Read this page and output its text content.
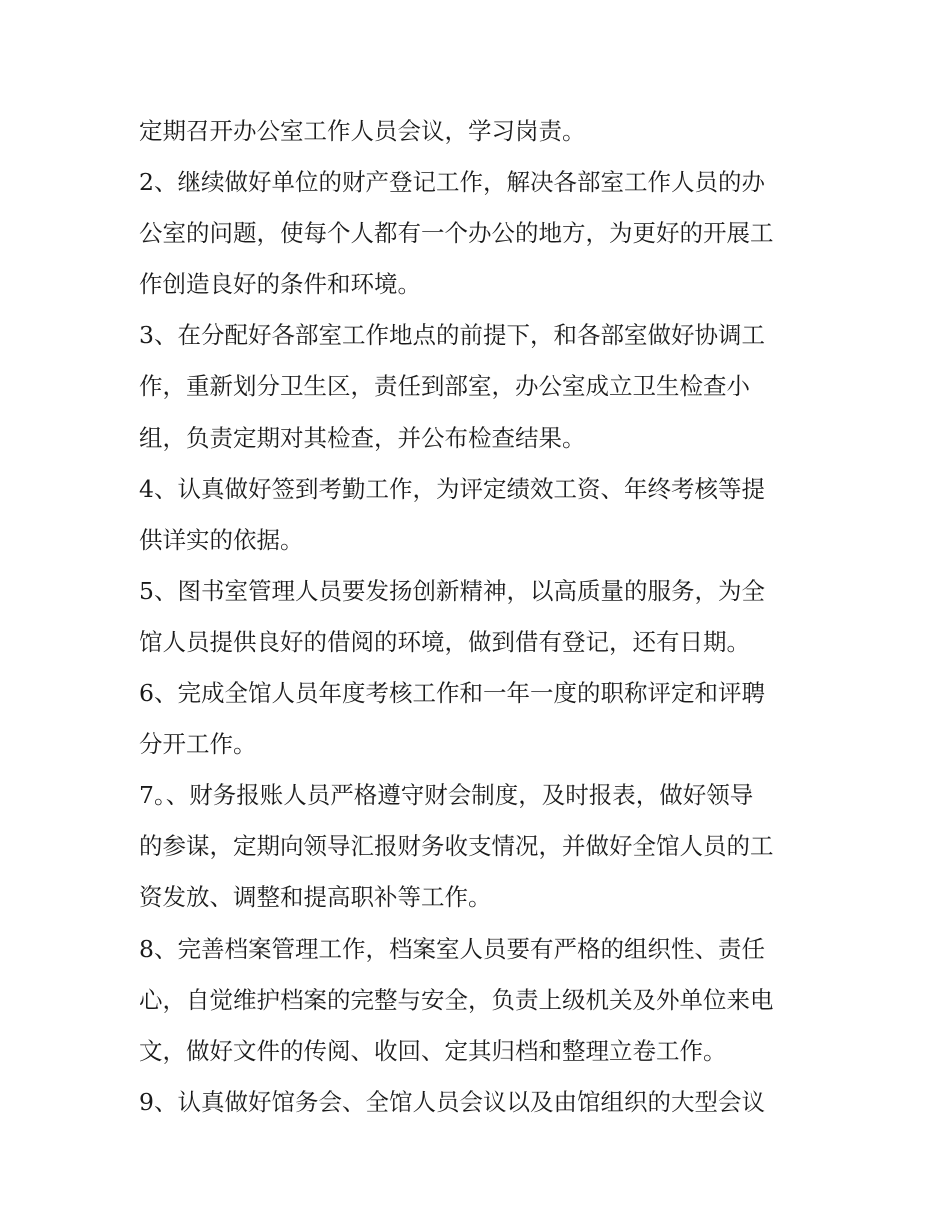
定期召开办公室工作人员会议，学习岗责。
2、继续做好单位的财产登记工作，解决各部室工作人员的办
公室的问题，使每个人都有一个办公的地方，为更好的开展工
作创造良好的条件和环境。
3、在分配好各部室工作地点的前提下，和各部室做好协调工
作，重新划分卫生区，责任到部室，办公室成立卫生检查小
组，负责定期对其检查，并公布检查结果。
4、认真做好签到考勤工作，为评定绩效工资、年终考核等提
供详实的依据。
5、图书室管理人员要发扬创新精神，以高质量的服务，为全
馆人员提供良好的借阅的环境，做到借有登记，还有日期。
6、完成全馆人员年度考核工作和一年一度的职称评定和评聘
分开工作。
7。、财务报账人员严格遵守财会制度，及时报表，做好领导
的参谋，定期向领导汇报财务收支情况，并做好全馆人员的工
资发放、调整和提高职补等工作。
8、完善档案管理工作，档案室人员要有严格的组织性、责任
心，自觉维护档案的完整与安全，负责上级机关及外单位来电
文，做好文件的传阅、收回、定其归档和整理立卷工作。
9、认真做好馆务会、全馆人员会议以及由馆组织的大型会议
